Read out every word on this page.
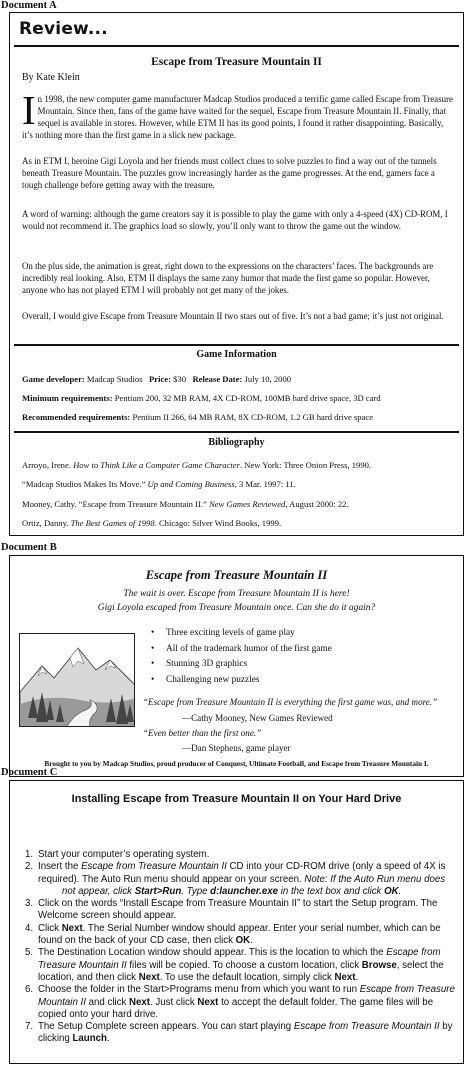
Document A
Review...
Escape from Treasure Mountain II
By Kate Klein
In 1998, the new computer game manufacturer Madcap Studios produced a terrific game called Escape from Treasure Mountain. Since then, fans of the game have waited for the sequel, Escape from Treasure Mountain II. Finally, that sequel is available in stores. However, while ETM II has its good points, I found it rather disappointing. Basically, it’s nothing more than the first game in a slick new package.
As in ETM I, heroine Gigi Loyola and her friends must collect clues to solve puzzles to find a way out of the tunnels beneath Treasure Mountain. The puzzles grow increasingly harder as the game progresses. At the end, gamers face a tough challenge before getting away with the treasure.
A word of warning: although the game creators say it is possible to play the game with only a 4-speed (4X) CD-ROM, I would not recommend it. The graphics load so slowly, you’ll only want to throw the game out the window.
On the plus side, the animation is great, right down to the expressions on the characters’ faces. The backgrounds are incredibly real looking. Also, ETM II displays the same zany humor that made the first game so popular. However, anyone who has not played ETM I will probably not get many of the jokes.
Overall, I would give Escape from Treasure Mountain II two stars out of five. It’s not a bad game; it’s just not original.
Game Information
Game developer: Madcap Studios Price: $30 Release Date: July 10, 2000
Minimum requirements: Pentium 200, 32 MB RAM, 4X CD-ROM, 100MB hard drive space, 3D card
Recommended requirements: Pentium II 266, 64 MB RAM, 8X CD-ROM, 1.2 GB hard drive space
Bibliography
Arroyo, Irene. How to Think Like a Computer Game Character. New York: Three Onion Press, 1990.
“Madcap Studios Makes Its Move.” Up and Coming Business, 3 Mar. 1997: 11.
Mooney, Cathy. “Escape from Treasure Mountain II.” New Games Reviewed, August 2000: 22.
Ortiz, Danny. The Best Games of 1998. Chicago: Silver Wind Books, 1999.
Document B
Escape from Treasure Mountain II
The wait is over. Escape from Treasure Mountain II is here!
Gigi Loyola escaped from Treasure Mountain once. Can she do it again?
• Three exciting levels of game play
• All of the trademark humor of the first game
• Stunning 3D graphics
• Challenging new puzzles
“Escape from Treasure Mountain II is everything the first game was, and more.”
—Cathy Mooney, New Games Reviewed
“Even better than the first one.”
—Dan Stephens, game player
Brought to you by Madcap Studios, proud producer of Conquest, Ultimate Football, and Escape from Treasure Mountain I.
Document C
Installing Escape from Treasure Mountain II on Your Hard Drive
1. Start your computer’s operating system.
2. Insert the Escape from Treasure Mountain II CD into your CD-ROM drive (only a speed of 4X is required). The Auto Run menu should appear on your screen. Note: If the Auto Run menu does
not appear, click Start>Run. Type d:launcher.exe in the text box and click OK.
3. Click on the words “Install Escape from Treasure Mountain II” to start the Setup program. The Welcome screen should appear.
4. Click Next. The Serial Number window should appear. Enter your serial number, which can be found on the back of your CD case, then click OK.
5. The Destination Location window should appear. This is the location to which the Escape from Treasure Mountain II files will be copied. To choose a custom location, click Browse, select the location, and then click Next. To use the default location, simply click Next.
6. Choose the folder in the Start>Programs menu from which you want to run Escape from Treasure Mountain II and click Next. Just click Next to accept the default folder. The game files will be copied onto your hard drive.
7. The Setup Complete screen appears. You can start playing Escape from Treasure Mountain II by clicking Launch.
